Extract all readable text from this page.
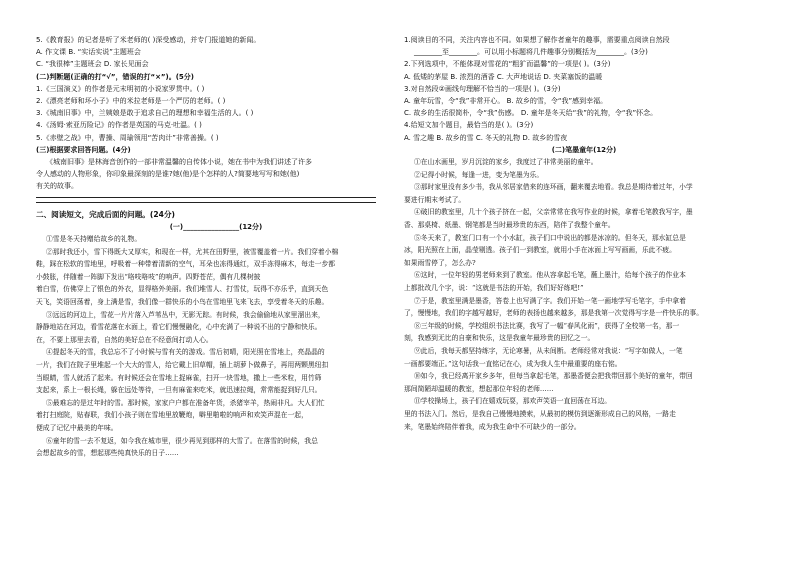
5.《教育报》的记者是听了米老师的( )深受感动，并专门报道她的新闻。
A. 作文课 B. “实话实说”主题班会
C. “我很棒”主题班会 D. 家长见面会
(二)判断题(正确的打“√”，错误的打“×”)。(5分)
1.《三国演义》的作者是元末明初的小说家罗贯中。( )
2.《漂亮老师和坏小子》中的米拉老师是一个严厉的老师。( )
3.《城南旧事》中，兰姨娘是敢于追求自己的理想和幸福生活的人。( )
4.《汤姆·索亚历险记》的作者是英国的马克·吐温。( )
5.《赤壁之战》中，曹操、周瑜领用“苦肉计”非常善操。( )
(三)根据要求回答问题。(4分)
《城南旧事》是林海音创作的一部非常温馨的自传体小说，她在书中为我们讲述了许多
令人感动的人物形象，你印象最深刻的是谁?她(他)是个怎样的人?简要地写写和她(他)
有关的故事。
二、阅读短文，完成后面的问题。(24分)
(一)________________(12分)
①雪是冬天持赠给故乡的礼物。
②那时我还小，雪下得既大又厚实，和现在一样，尤其在田野里，被雪覆盖着一片。我们穿着小棉
鞋，踩在松软的雪地里，呼吸着一种带着清新的空气，耳朵也冻得通红，双手冻得麻木，每走一步都
小鼓胀，伴随着一阵脚下发出“咯吱咯吱”的响声。四野苍茫，偶有几棵树披
着白雪，仿佛穿上了银色的外衣，显得格外美丽。我们堆雪人、打雪仗，玩得不亦乐乎，直到天色
天飞，笑语回荡着，身上满是雪，我们像一群快乐的小鸟在雪地里飞来飞去，享受着冬天的乐趣。
③远远的河边上，雪花一片片落入芦苇丛中，无影无踪。有时候，我会偷偷地从家里溜出来，
静静地站在河边，看雪花落在水面上，看它们慢慢融化，心中充满了一种说不出的宁静和快乐。
在，不要上那里去看，自然的美好总在不经意间打动人心。
④提起冬天的雪，我总忘不了小时候与雪有关的游戏。雪后初晴，阳光照在雪地上，亮晶晶的
一片，我们在院子里堆起一个大大的雪人，给它戴上旧草帽，插上胡萝卜做鼻子，再用两颗黑纽扣
当眼睛，雪人就活了起来。有时候还会在雪地上捉麻雀，扫开一块雪地，撒上一些米粒，用竹筛
支起来，系上一根长绳，躲在远处等待，一旦有麻雀来吃米，就迅速拉绳，常常能捉到好几只。
⑤最难忘的是过年时的雪。那时候，家家户户都在准备年货，杀猪宰羊，热闹非凡。大人们忙
着打扫庭院，贴春联，我们小孩子则在雪地里放鞭炮，噼里啪啦的响声和欢笑声混在一起，
便成了记忆中最美的年味。
⑥童年的雪一去不复返，如今我在城市里，很少再见到那样的大雪了。在落雪的时候，我总
会想起故乡的雪，想起那些纯真快乐的日子……
1.阅读目的不同，关注内容也不同。如果想了解作者童年的趣事，需要重点阅读自然段
________至________。可以用小标题将几件趣事分别概括为________。(3分)
2.下列选项中，不能体现对雪花的“粗犷而温馨”的一项是( )。(3分)
A. 低矮的茅屋 B. 浓烈的酒香 C. 大声地说话 D. 夹菜塞饭的温暖
3.对自然段②画线句理解不恰当的一项是( )。(3分)
A. 童年玩雪，令“我”非常开心。 B. 故乡的雪，令“我”感到幸福。
C. 故乡的生活很简朴，令“我”伤感。 D. 童年是冬天给“我”的礼物，令“我”怀念。
4.给短文加个题目，最恰当的是( )。(3分)
A. 雪之趣 B. 故乡的雪 C. 冬天的礼物 D. 故乡的雪夜
(二)笔墨童年(12分)
①在山水画里，岁月沉淀的家乡，我度过了非常美丽的童年。
②记得小时候，每逢一进，变为笔墨为乐。
③那时家里没有多少书，我从邻居家借来的连环画，翻来覆去地看。我总是期待着过年，小学
要进行期末考试了。
④破旧的教室里，几十个孩子挤在一起，父亲常常在我写作业的时候，拿着毛笔教我写字，墨
香、那桌椅、纸墨、钢笔都是当时最珍贵的东西，陪伴了我整个童年。
⑤冬天来了，教室门口有一个小水缸，孩子们口中说出的都是冰凉的。但冬天，那水缸总是
冰，阳光照在上面，晶莹剔透。孩子们一到教室，就用小手在冰面上写写画画，乐此不疲。
如果雨雪停了，怎么办?
⑥这时，一位年轻的男老师来到了教室。他从容拿起毛笔，蘸上墨汁，给每个孩子的作业本
上都批改几个字，说：“这就是书法的开始，我们好好练吧!”
⑦于是，教室里满是墨香，答卷上也写满了字。我们开始一笔一画地学写毛笔字，手中拿着
了，慢慢地，我们的字越写越好，老师的表扬也越来越多，那是我第一次觉得写字是一件快乐的事。
⑧三年级的时候，学校组织书法比赛，我写了一幅“春风化雨”，获得了全校第一名，那一
刻，我感到无比的自豪和快乐，这是我童年最珍贵的回忆之一。
⑨此后，我每天都坚持练字，无论寒暑，从未间断。老师经常对我说：“写字如做人，一笔
一画都要端正。”这句话我一直铭记在心，成为我人生中最重要的座右铭。
⑩如今，我已经离开家乡多年，但每当拿起毛笔，那墨香便会把我带回那个美好的童年，带回
那间简陋却温暖的教室，想起那位年轻的老师……
⑪学校操场上，孩子们在嬉戏玩耍，那欢声笑语一直回荡在耳边。
里的书法入门。然后，是我自己慢慢地摸索，从最初的模仿到逐渐形成自己的风格，一路走
来，笔墨始终陪伴着我，成为我生命中不可缺少的一部分。
